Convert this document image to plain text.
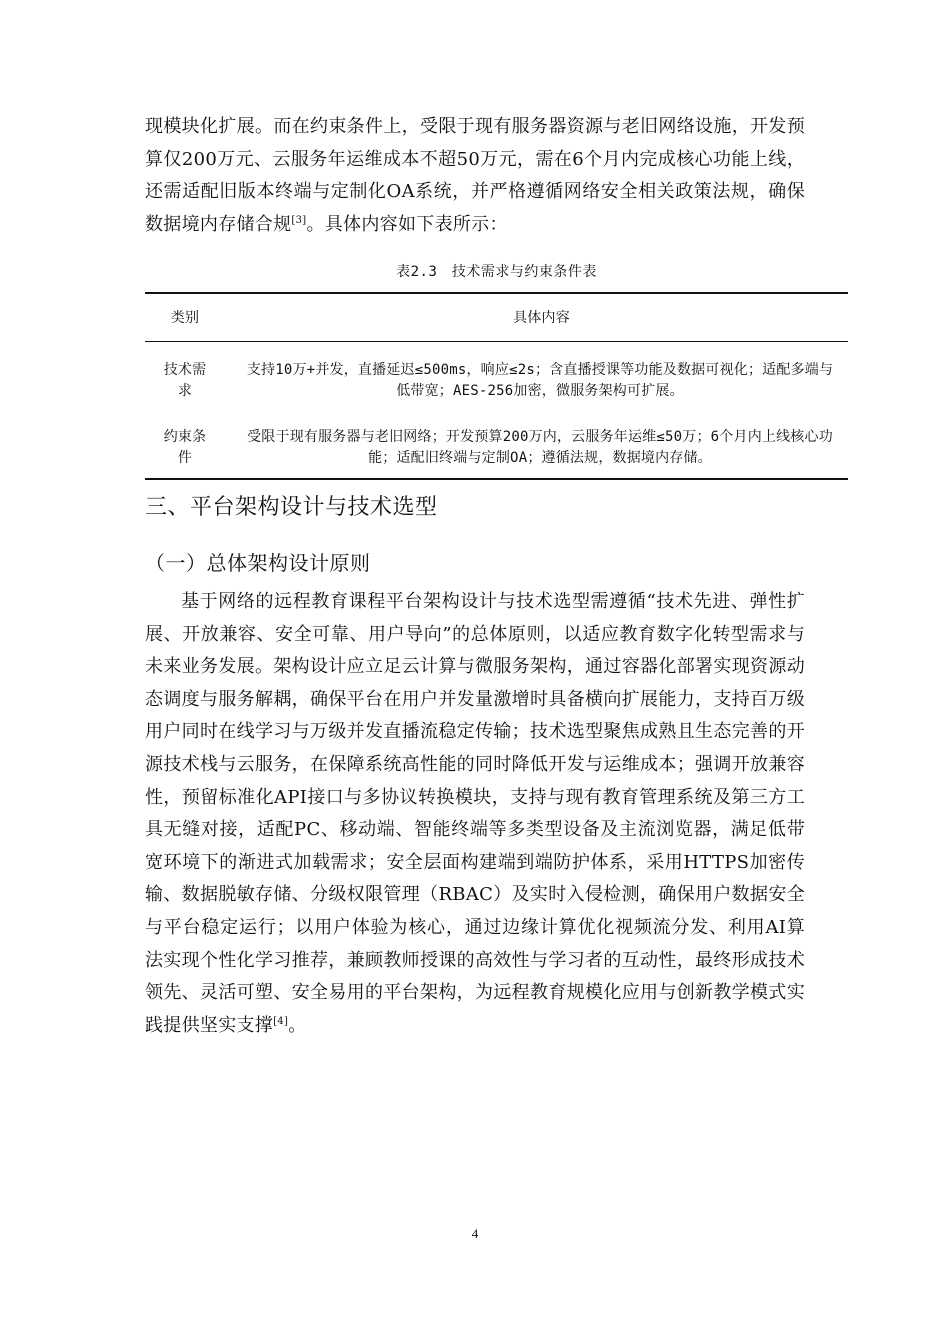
现模块化扩展。而在约束条件上，受限于现有服务器资源与老旧网络设施，开发预算仅200万元、云服务年运维成本不超50万元，需在6个月内完成核心功能上线，还需适配旧版本终端与定制化OA系统，并严格遵循网络安全相关政策法规，确保数据境内存储合规[3]。具体内容如下表所示：

表2.3　技术需求与约束条件表

类别	具体内容

技术需求

支持10万+并发，直播延迟≤500ms，响应≤2s；含直播授课等功能及数据可视化；适配多端与低带宽；AES-256加密，微服务架构可扩展。

约束条件

受限于现有服务器与老旧网络；开发预算200万内，云服务年运维≤50万；6个月内上线核心功能；适配旧终端与定制OA；遵循法规，数据境内存储。

三、平台架构设计与技术选型
（一）总体架构设计原则

基于网络的远程教育课程平台架构设计与技术选型需遵循“技术先进、弹性扩展、开放兼容、安全可靠、用户导向”的总体原则，以适应教育数字化转型需求与未来业务发展。架构设计应立足云计算与微服务架构，通过容器化部署实现资源动态调度与服务解耦，确保平台在用户并发量激增时具备横向扩展能力，支持百万级用户同时在线学习与万级并发直播流稳定传输；技术选型聚焦成熟且生态完善的开源技术栈与云服务，在保障系统高性能的同时降低开发与运维成本；强调开放兼容性，预留标准化API接口与多协议转换模块，支持与现有教育管理系统及第三方工具无缝对接，适配PC、移动端、智能终端等多类型设备及主流浏览器，满足低带宽环境下的渐进式加载需求；安全层面构建端到端防护体系，采用HTTPS加密传输、数据脱敏存储、分级权限管理（RBAC）及实时入侵检测，确保用户数据安全与平台稳定运行；以用户体验为核心，通过边缘计算优化视频流分发、利用AI算法实现个性化学习推荐，兼顾教师授课的高效性与学习者的互动性，最终形成技术领先、灵活可塑、安全易用的平台架构，为远程教育规模化应用与创新教学模式实践提供坚实支撑[4]。

4
